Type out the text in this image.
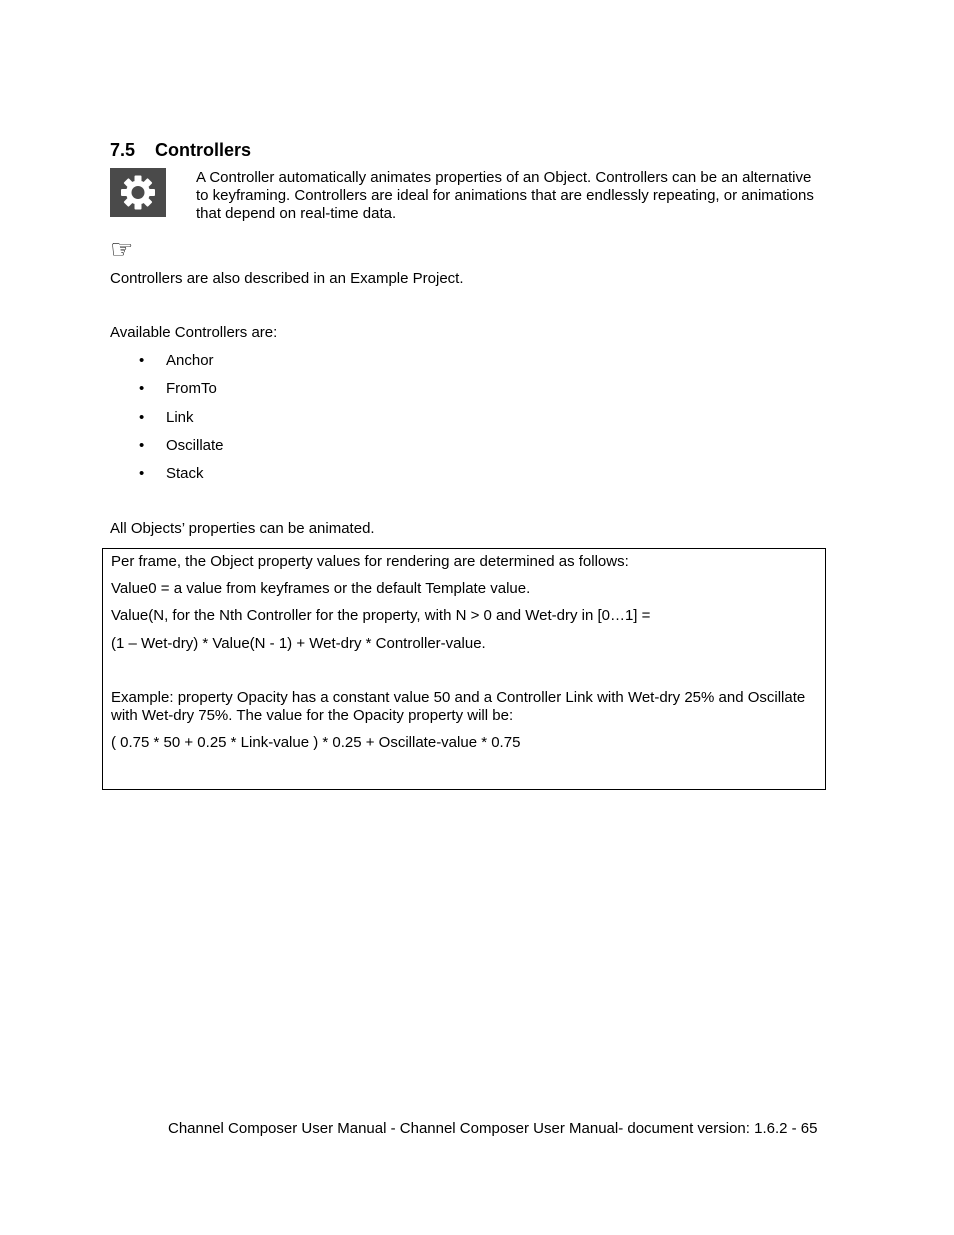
7.5 Controllers

A Controller automatically animates properties of an Object. Controllers can be an alternative to keyframing. Controllers are ideal for animations that are endlessly repeating, or animations that depend on real-time data.

☞
Controllers are also described in an Example Project.
Available Controllers are:
• Anchor
• FromTo
• Link
• Oscillate
• Stack
All Objects’ properties can be animated.
Per frame, the Object property values for rendering are determined as follows:
Value0 = a value from keyframes or the default Template value.
Value(N, for the Nth Controller for the property, with N > 0 and Wet-dry in [0…1] =
(1 – Wet-dry) * Value(N - 1) + Wet-dry * Controller-value.
Example: property Opacity has a constant value 50 and a Controller Link with Wet-dry 25% and Oscillate with Wet-dry 75%. The value for the Opacity property will be:
( 0.75 * 50 + 0.25 * Link-value ) * 0.25 + Oscillate-value * 0.75
Channel Composer User Manual - Channel Composer User Manual- document version: 1.6.2 - 65
